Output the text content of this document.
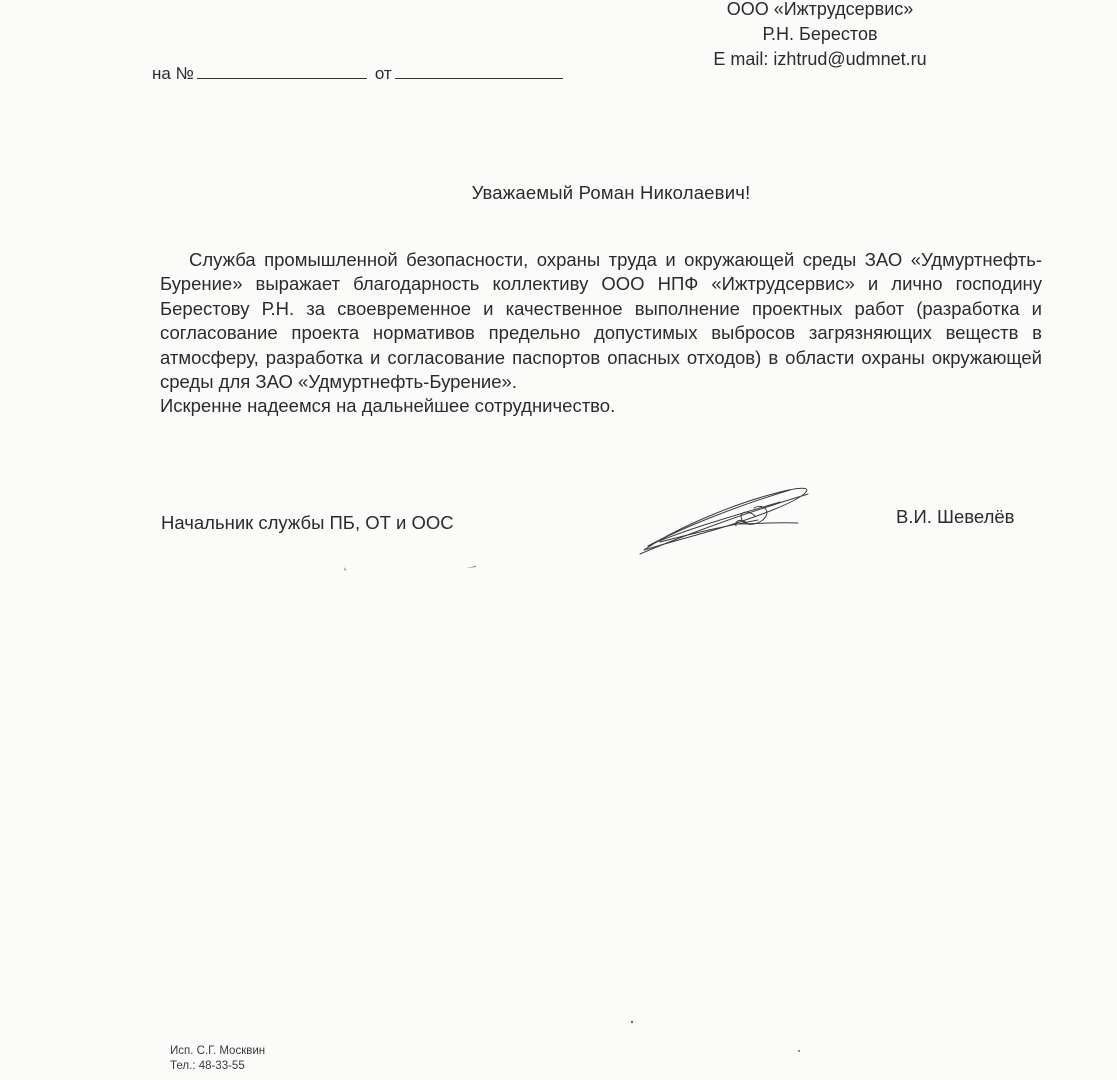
на №	от
ООО «Ижтрудсервис»
Р.Н. Берестов
E mail: izhtrud@udmnet.ru
Уважаемый Роман Николаевич!

Служба промышленной безопасности, охраны труда и окружающей среды ЗАО «Удмуртнефть-Бурение» выражает благодарность коллективу ООО НПФ «Ижтрудсервис» и лично господину Берестову Р.Н. за своевременное и качественное выполнение проектных работ (разработка и согласование проекта нормативов предельно допустимых выбросов загрязняющих веществ в атмосферу, разработка и согласование паспортов опасных отходов) в области охраны окружающей среды для ЗАО «Удмуртнефть-Бурение».

Искренне надеемся на дальнейшее сотрудничество.

Начальник службы ПБ, ОТ и ООС	В.И. Шевелёв
Исп. С.Г. Москвин
Тел.: 48-33-55
